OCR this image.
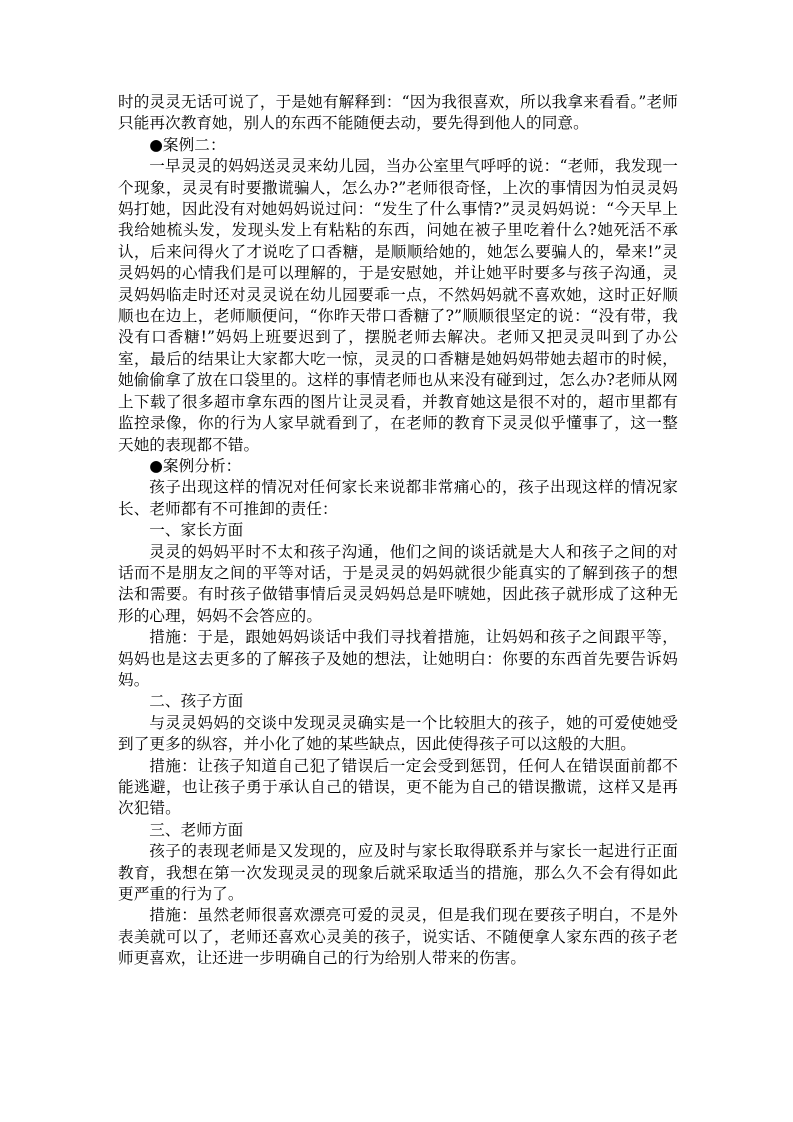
时的灵灵无话可说了，于是她有解释到：“因为我很喜欢，所以我拿来看看。”老师只能再次教育她，别人的东西不能随便去动，要先得到他人的同意。

●案例二：

一早灵灵的妈妈送灵灵来幼儿园，当办公室里气呼呼的说：“老师，我发现一个现象，灵灵有时要撒谎骗人，怎么办?”老师很奇怪，上次的事情因为怕灵灵妈妈打她，因此没有对她妈妈说过问：“发生了什么事情?”灵灵妈妈说：“今天早上我给她梳头发，发现头发上有粘粘的东西，问她在被子里吃着什么?她死活不承认，后来问得火了才说吃了口香糖，是顺顺给她的，她怎么要骗人的，晕来!”灵灵妈妈的心情我们是可以理解的，于是安慰她，并让她平时要多与孩子沟通，灵灵妈妈临走时还对灵灵说在幼儿园要乖一点，不然妈妈就不喜欢她，这时正好顺顺也在边上，老师顺便问，“你昨天带口香糖了?”顺顺很坚定的说：“没有带，我没有口香糖!”妈妈上班要迟到了，摆脱老师去解决。老师又把灵灵叫到了办公室，最后的结果让大家都大吃一惊，灵灵的口香糖是她妈妈带她去超市的时候，她偷偷拿了放在口袋里的。这样的事情老师也从来没有碰到过，怎么办?老师从网上下载了很多超市拿东西的图片让灵灵看，并教育她这是很不对的，超市里都有监控录像，你的行为人家早就看到了，在老师的教育下灵灵似乎懂事了，这一整天她的表现都不错。

●案例分析：

孩子出现这样的情况对任何家长来说都非常痛心的，孩子出现这样的情况家长、老师都有不可推卸的责任：

一、家长方面

灵灵的妈妈平时不太和孩子沟通，他们之间的谈话就是大人和孩子之间的对话而不是朋友之间的平等对话，于是灵灵的妈妈就很少能真实的了解到孩子的想法和需要。有时孩子做错事情后灵灵妈妈总是吓唬她，因此孩子就形成了这种无形的心理，妈妈不会答应的。

措施：于是，跟她妈妈谈话中我们寻找着措施，让妈妈和孩子之间跟平等，妈妈也是这去更多的了解孩子及她的想法，让她明白：你要的东西首先要告诉妈妈。

二、孩子方面

与灵灵妈妈的交谈中发现灵灵确实是一个比较胆大的孩子，她的可爱使她受到了更多的纵容，并小化了她的某些缺点，因此使得孩子可以这般的大胆。

措施：让孩子知道自己犯了错误后一定会受到惩罚，任何人在错误面前都不能逃避，也让孩子勇于承认自己的错误，更不能为自己的错误撒谎，这样又是再次犯错。

三、老师方面

孩子的表现老师是又发现的，应及时与家长取得联系并与家长一起进行正面教育，我想在第一次发现灵灵的现象后就采取适当的措施，那么久不会有得如此更严重的行为了。

措施：虽然老师很喜欢漂亮可爱的灵灵，但是我们现在要孩子明白，不是外表美就可以了，老师还喜欢心灵美的孩子，说实话、不随便拿人家东西的孩子老师更喜欢，让还进一步明确自己的行为给别人带来的伤害。
